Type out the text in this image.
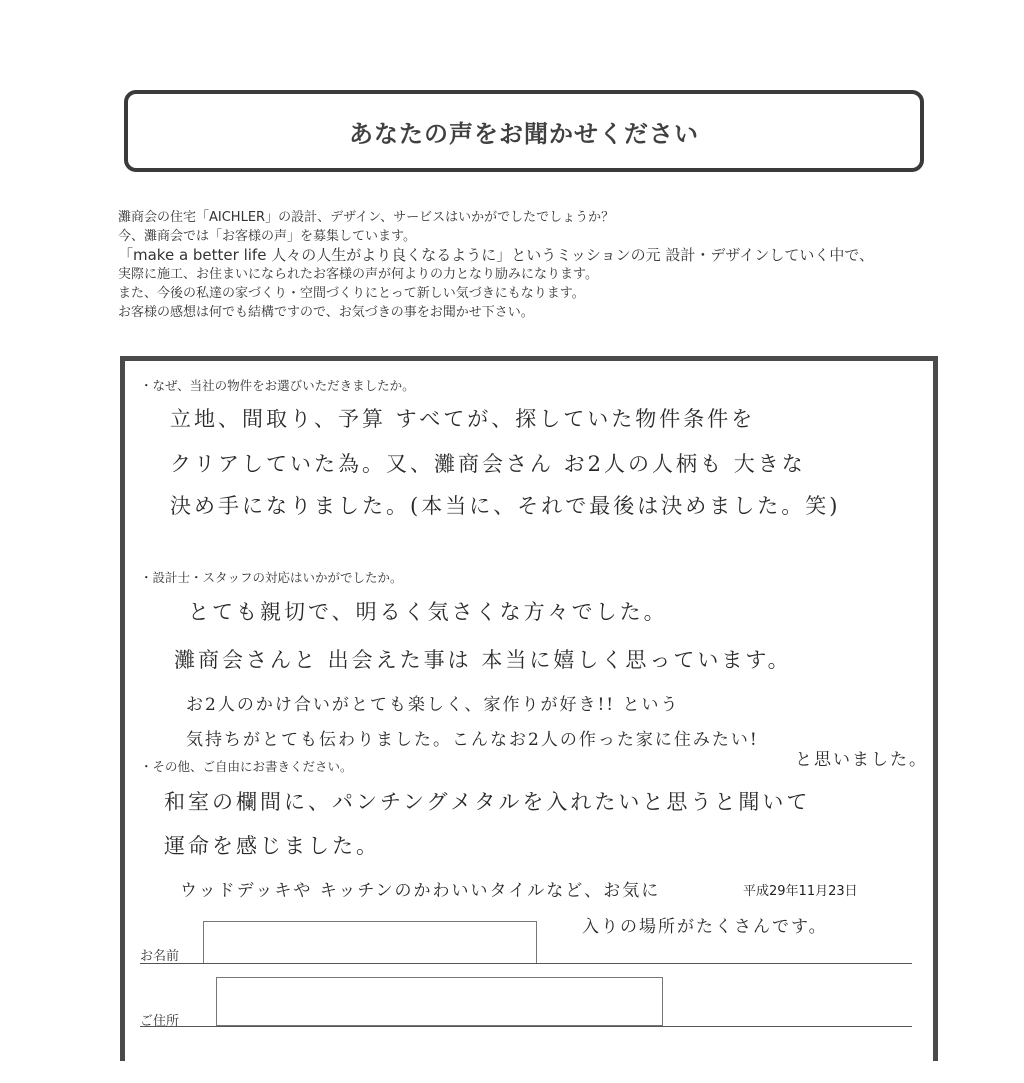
あなたの声をお聞かせください
灘商会の住宅「AICHLER」の設計、デザイン、サービスはいかがでしたでしょうか？
今、灘商会では「お客様の声」を募集しています。
「make a better life 人々の人生がより良くなるように」というミッションの元 設計・デザインしていく中で、
実際に施工、お住まいになられたお客様の声が何よりの力となり励みになります。
また、今後の私達の家づくり・空間づくりにとって新しい気づきにもなります。
お客様の感想は何でも結構ですので、お気づきの事をお聞かせ下さい。
・なぜ、当社の物件をお選びいただきましたか。
立地、間取り、予算 すべてが、探していた物件条件を
クリアしていた為。又、灘商会さん お2人の人柄も 大きな
決め手になりました。(本当に、それで最後は決めました。笑)
・設計士・スタッフの対応はいかがでしたか。
とても親切で、明るく気さくな方々でした。
灘商会さんと 出会えた事は 本当に嬉しく思っています。
お2人のかけ合いがとても楽しく、家作りが好き!! という
気持ちがとても伝わりました。こんなお2人の作った家に住みたい!
と思いました。
・その他、ご自由にお書きください。
和室の欄間に、パンチングメタルを入れたいと思うと聞いて
運命を感じました。
ウッドデッキや キッチンのかわいいタイルなど、お気に
入りの場所がたくさんです。
平成29年11月23日
お名前
ご住所
